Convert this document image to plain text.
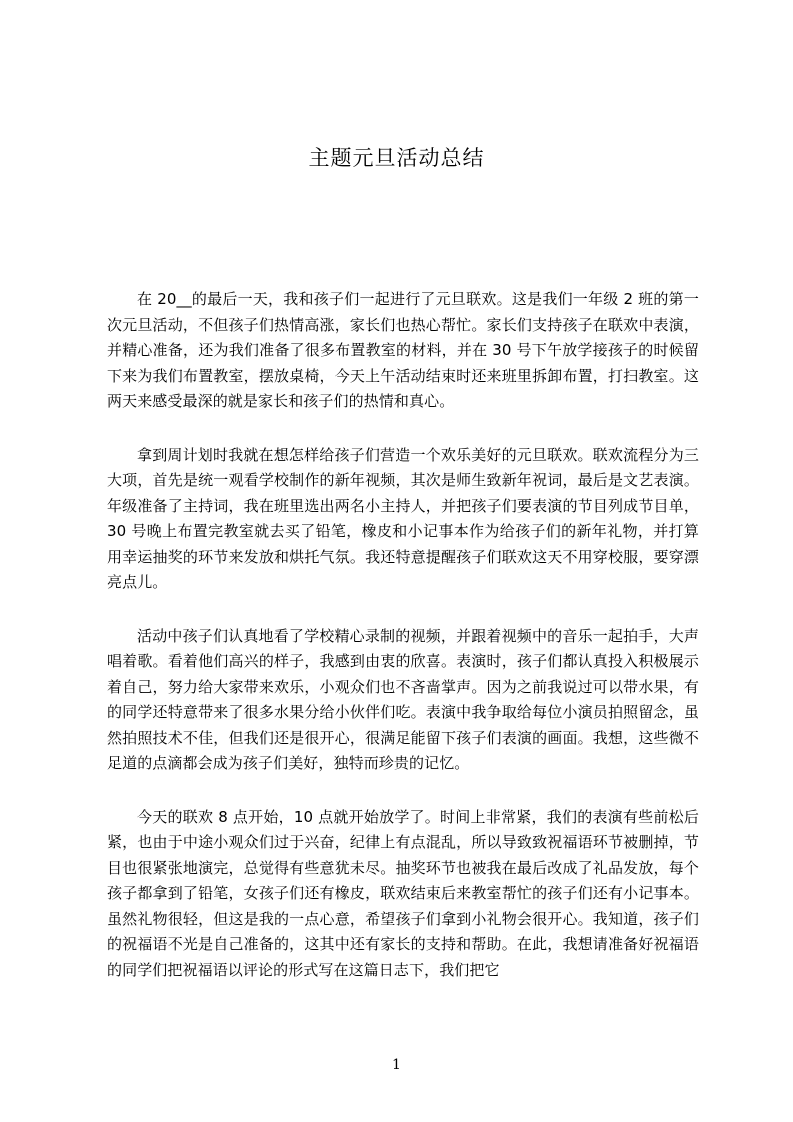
主题元旦活动总结

在 20__的最后一天，我和孩子们一起进行了元旦联欢。这是我们一年级 2 班的第一次元旦活动，不但孩子们热情高涨，家长们也热心帮忙。家长们支持孩子在联欢中表演，并精心准备，还为我们准备了很多布置教室的材料，并在 30 号下午放学接孩子的时候留下来为我们布置教室，摆放桌椅，今天上午活动结束时还来班里拆卸布置，打扫教室。这两天来感受最深的就是家长和孩子们的热情和真心。

拿到周计划时我就在想怎样给孩子们营造一个欢乐美好的元旦联欢。联欢流程分为三大项，首先是统一观看学校制作的新年视频，其次是师生致新年祝词，最后是文艺表演。年级准备了主持词，我在班里选出两名小主持人，并把孩子们要表演的节目列成节目单，30 号晚上布置完教室就去买了铅笔，橡皮和小记事本作为给孩子们的新年礼物，并打算用幸运抽奖的环节来发放和烘托气氛。我还特意提醒孩子们联欢这天不用穿校服，要穿漂亮点儿。

活动中孩子们认真地看了学校精心录制的视频，并跟着视频中的音乐一起拍手，大声唱着歌。看着他们高兴的样子，我感到由衷的欣喜。表演时，孩子们都认真投入积极展示着自己，努力给大家带来欢乐，小观众们也不吝啬掌声。因为之前我说过可以带水果，有的同学还特意带来了很多水果分给小伙伴们吃。表演中我争取给每位小演员拍照留念，虽然拍照技术不佳，但我们还是很开心，很满足能留下孩子们表演的画面。我想，这些微不足道的点滴都会成为孩子们美好，独特而珍贵的记忆。

今天的联欢 8 点开始，10 点就开始放学了。时间上非常紧，我们的表演有些前松后紧，也由于中途小观众们过于兴奋，纪律上有点混乱，所以导致致祝福语环节被删掉，节目也很紧张地演完，总觉得有些意犹未尽。抽奖环节也被我在最后改成了礼品发放，每个孩子都拿到了铅笔，女孩子们还有橡皮，联欢结束后来教室帮忙的孩子们还有小记事本。虽然礼物很轻，但这是我的一点心意，希望孩子们拿到小礼物会很开心。我知道，孩子们的祝福语不光是自己准备的，这其中还有家长的支持和帮助。在此，我想请准备好祝福语的同学们把祝福语以评论的形式写在这篇日志下，我们把它

1
